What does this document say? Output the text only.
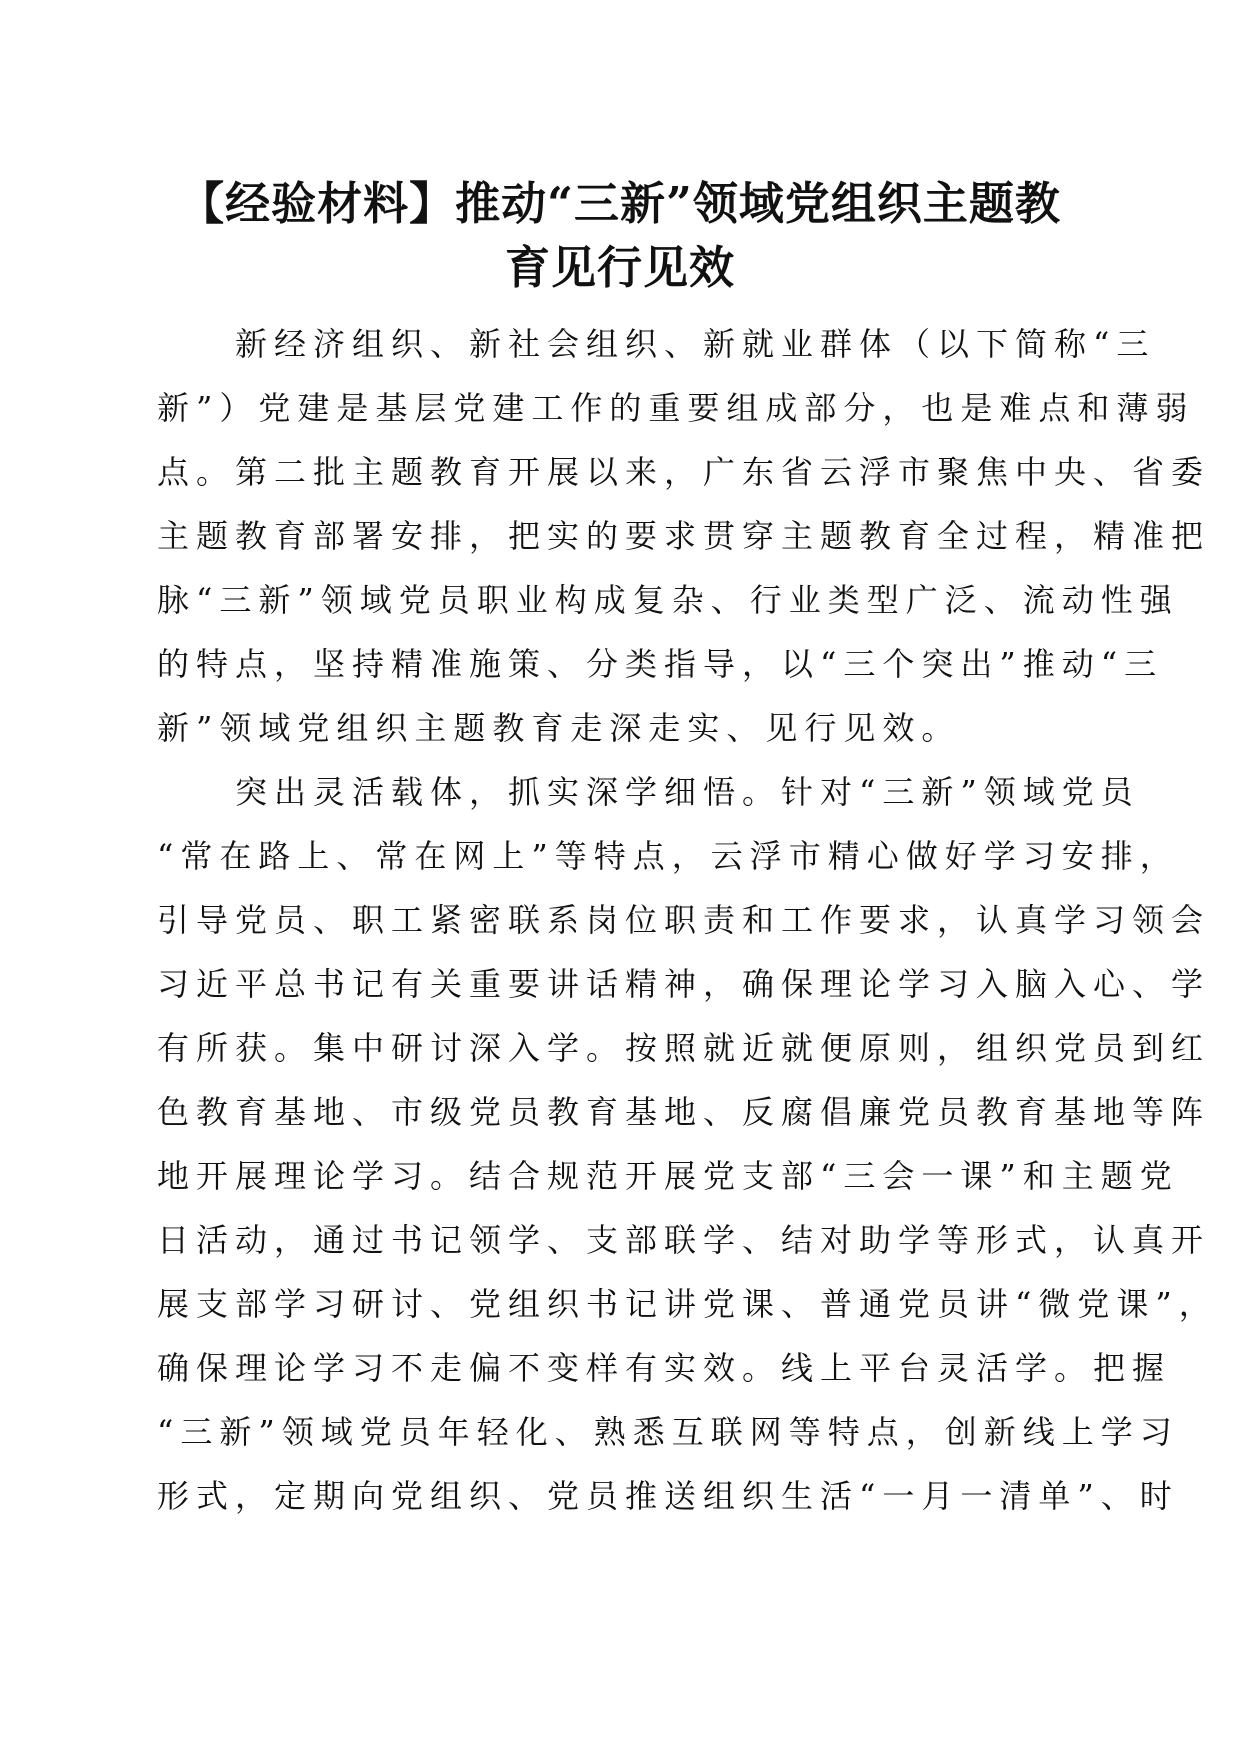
【经验材料】推动“三新”领域党组织主题教
育见行见效

　　新经济组织、新社会组织、新就业群体（以下简称“三
新”）党建是基层党建工作的重要组成部分，也是难点和薄弱
点。第二批主题教育开展以来，广东省云浮市聚焦中央、省委
主题教育部署安排，把实的要求贯穿主题教育全过程，精准把
脉“三新”领域党员职业构成复杂、行业类型广泛、流动性强
的特点，坚持精准施策、分类指导，以“三个突出”推动“三
新”领域党组织主题教育走深走实、见行见效。

　　突出灵活载体，抓实深学细悟。针对“三新”领域党员
“常在路上、常在网上”等特点，云浮市精心做好学习安排，
引导党员、职工紧密联系岗位职责和工作要求，认真学习领会
习近平总书记有关重要讲话精神，确保理论学习入脑入心、学
有所获。集中研讨深入学。按照就近就便原则，组织党员到红
色教育基地、市级党员教育基地、反腐倡廉党员教育基地等阵
地开展理论学习。结合规范开展党支部“三会一课”和主题党
日活动，通过书记领学、支部联学、结对助学等形式，认真开
展支部学习研讨、党组织书记讲党课、普通党员讲“微党课”，
确保理论学习不走偏不变样有实效。线上平台灵活学。把握
“三新”领域党员年轻化、熟悉互联网等特点，创新线上学习
形式，定期向党组织、党员推送组织生活“一月一清单”、时
